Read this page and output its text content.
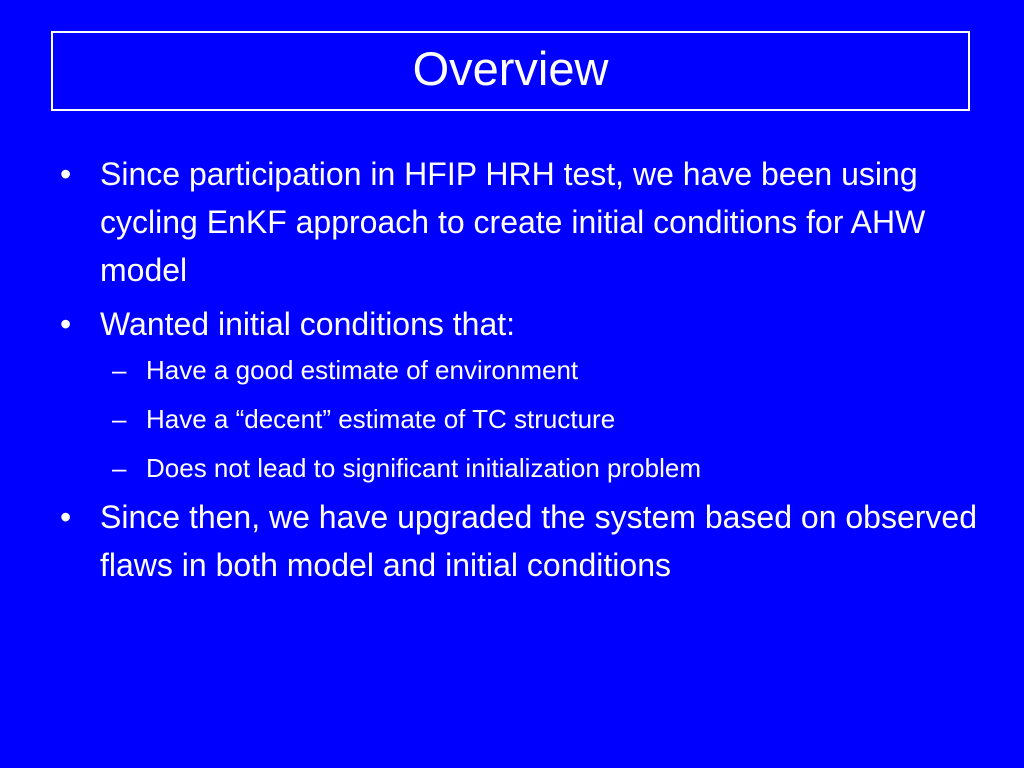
Overview
• Since participation in HFIP HRH test, we have been using cycling EnKF approach to create initial conditions for AHW model
• Wanted initial conditions that:
– Have a good estimate of environment
– Have a “decent” estimate of TC structure
– Does not lead to significant initialization problem
• Since then, we have upgraded the system based on observed flaws in both model and initial conditions
